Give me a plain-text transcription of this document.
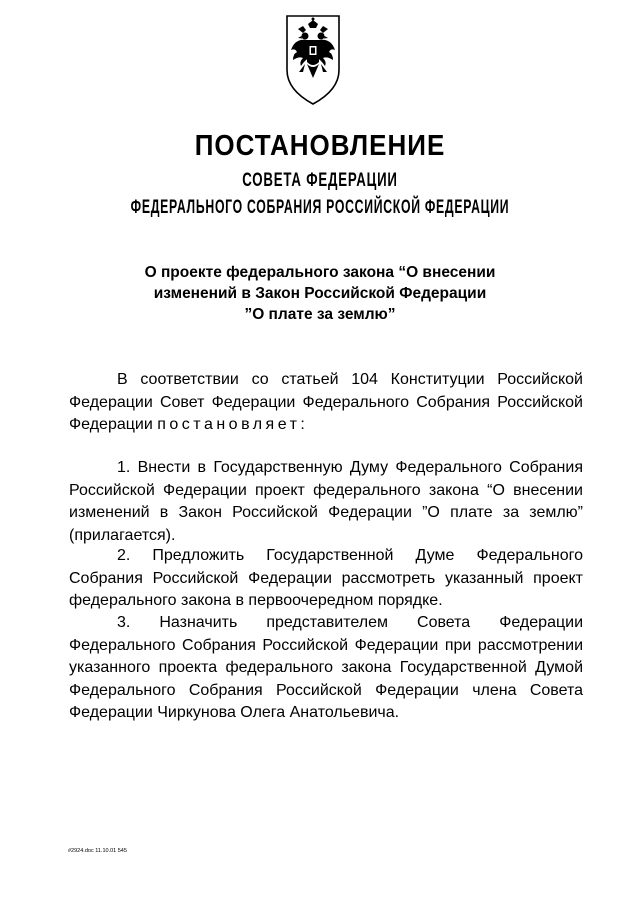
ПОСТАНОВЛЕНИЕ
СОВЕТА ФЕДЕРАЦИИ
ФЕДЕРАЛЬНОГО СОБРАНИЯ РОССИЙСКОЙ ФЕДЕРАЦИИ
О проекте федерального закона “О внесении
изменений в Закон Российской Федерации
”О плате за землю”

В соответствии со статьей 104 Конституции Российской Федерации Совет Федерации Федерального Собрания Российской Федерации постановляет:

1. Внести в Государственную Думу Федерального Собрания Российской Федерации проект федерального закона “О внесении изменений в Закон Российской Федерации ”О плате за землю” (прилагается).

2. Предложить Государственной Думе Федерального Собрания Российской Федерации рассмотреть указанный проект федерального закона в первоочередном порядке.

3. Назначить представителем Совета Федерации Федерального Собрания Российской Федерации при рассмотрении указанного проекта федерального закона Государственной Думой Федерального Собрания Российской Федерации члена Совета Федерации Чиркунова Олега Анатольевича.

#2924.doc 11.10.01 545
